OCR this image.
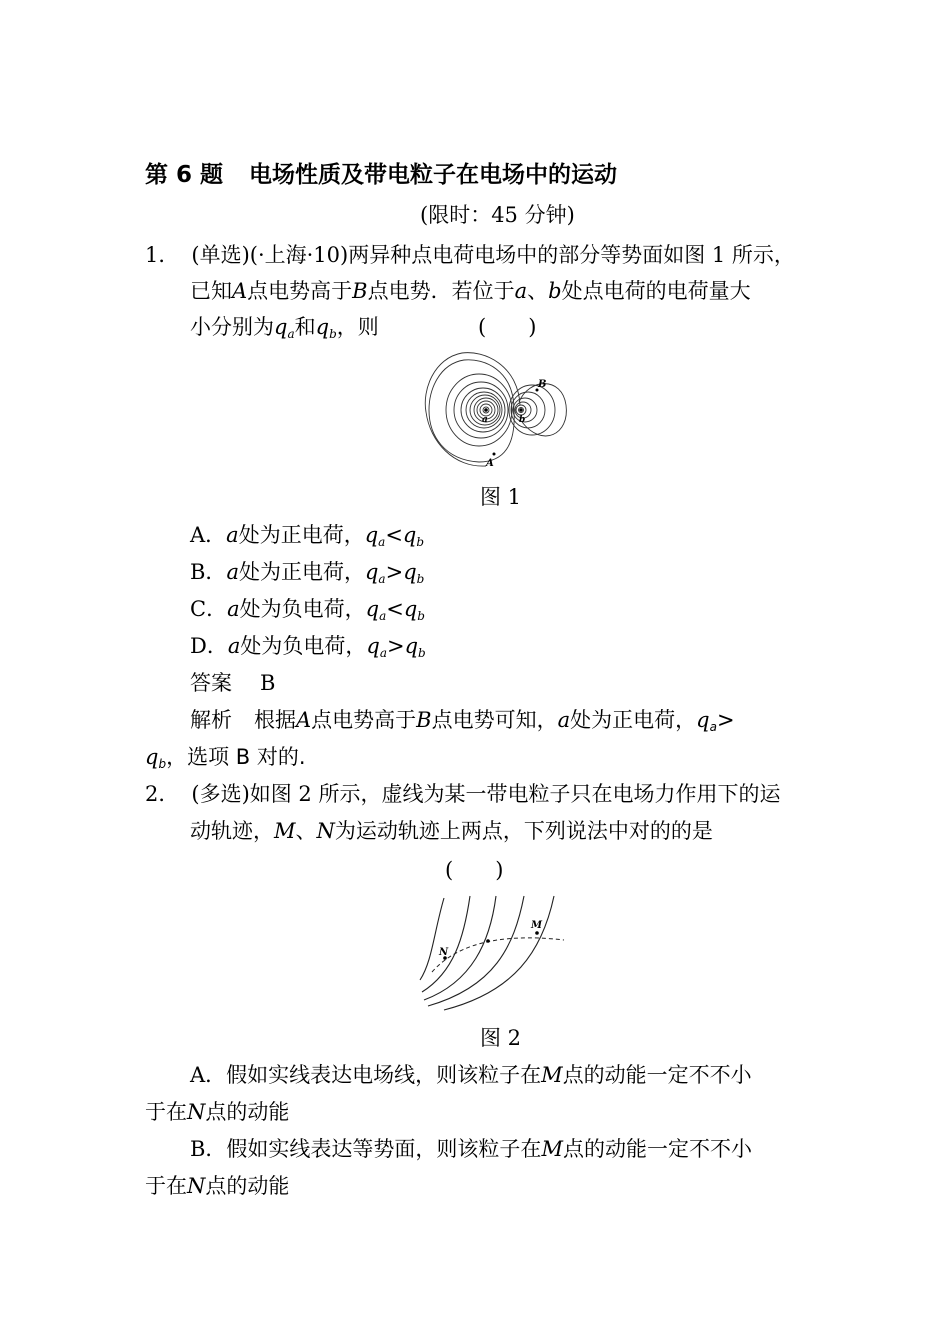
第 6 题 电场性质及带电粒子在电场中的运动
(限时：45 分钟)
1． (单选)(·上海·10)两异种点电荷电场中的部分等势面如图 1 所示，
已知A点电势高于B点电势．若位于a、b处点电荷的电荷量大
小分别为qa和qb，则	(　　)
B
A
a	b
图 1
A．a处为正电荷，qa<qb
B．a处为正电荷，qa>qb
C．a处为负电荷，qa<qb
D．a处为负电荷，qa>qb
答案 B
解析 根据A点电势高于B点电势可知，a处为正电荷，qa>
qb，选项 B 对的.
2． (多选)如图 2 所示，虚线为某一带电粒子只在电场力作用下的运
动轨迹，M、N为运动轨迹上两点，下列说法中对的的是
(　　)
N
M
图 2
A．假如实线表达电场线，则该粒子在M点的动能一定不不小
于在N点的动能
B．假如实线表达等势面，则该粒子在M点的动能一定不不小
于在N点的动能
